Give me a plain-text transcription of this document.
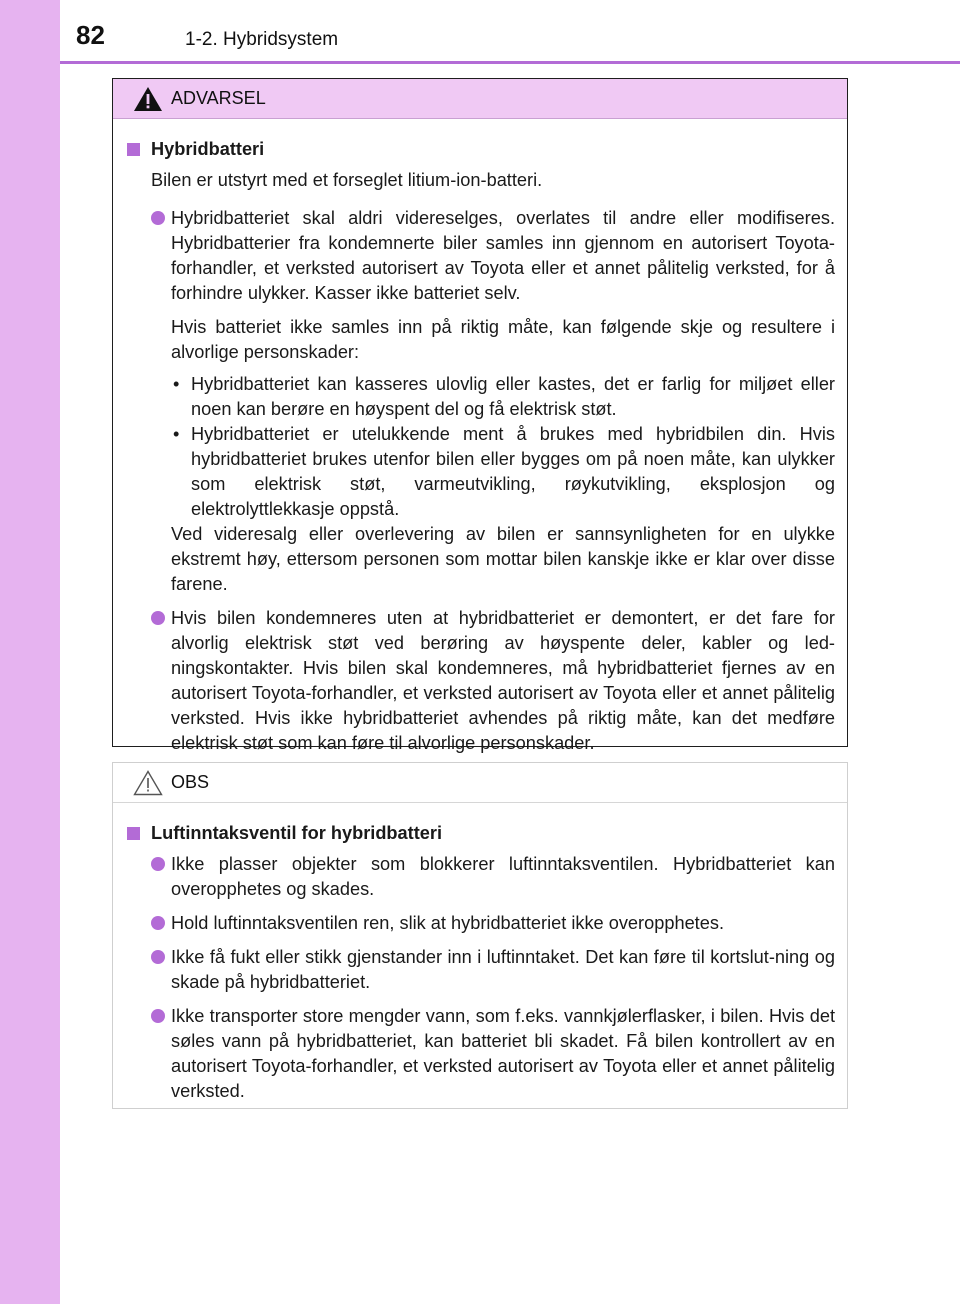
82	1-2. Hybridsystem
ADVARSEL
Hybridbatteri
Bilen er utstyrt med et forseglet litium-ion-batteri.
Hybridbatteriet skal aldri videreselges, overlates til andre eller modifiseres. Hybridbatterier fra kondemnerte biler samles inn gjennom en autorisert Toyota-forhandler, et verksted autorisert av Toyota eller et annet pålitelig verksted, for å forhindre ulykker. Kasser ikke batteriet selv.
Hvis batteriet ikke samles inn på riktig måte, kan følgende skje og resultere i alvorlige personskader:
• Hybridbatteriet kan kasseres ulovlig eller kastes, det er farlig for miljøet eller noen kan berøre en høyspent del og få elektrisk støt.
• Hybridbatteriet er utelukkende ment å brukes med hybridbilen din. Hvis hybridbatteriet brukes utenfor bilen eller bygges om på noen måte, kan ulykker som elektrisk støt, varmeutvikling, røykutvikling, eksplosjon og elektrolyttlekkasje oppstå.
Ved videresalg eller overlevering av bilen er sannsynligheten for en ulykke ekstremt høy, ettersom personen som mottar bilen kanskje ikke er klar over disse farene.
Hvis bilen kondemneres uten at hybridbatteriet er demontert, er det fare for alvorlig elektrisk støt ved berøring av høyspente deler, kabler og led-ningskontakter. Hvis bilen skal kondemneres, må hybridbatteriet fjernes av en autorisert Toyota-forhandler, et verksted autorisert av Toyota eller et annet pålitelig verksted. Hvis ikke hybridbatteriet avhendes på riktig måte, kan det medføre elektrisk støt som kan føre til alvorlige personskader.
OBS
Luftinntaksventil for hybridbatteri
Ikke plasser objekter som blokkerer luftinntaksventilen. Hybridbatteriet kan overopphetes og skades.
Hold luftinntaksventilen ren, slik at hybridbatteriet ikke overopphetes.
Ikke få fukt eller stikk gjenstander inn i luftinntaket. Det kan føre til kortslut-ning og skade på hybridbatteriet.
Ikke transporter store mengder vann, som f.eks. vannkjølerflasker, i bilen. Hvis det søles vann på hybridbatteriet, kan batteriet bli skadet. Få bilen kontrollert av en autorisert Toyota-forhandler, et verksted autorisert av Toyota eller et annet pålitelig verksted.
